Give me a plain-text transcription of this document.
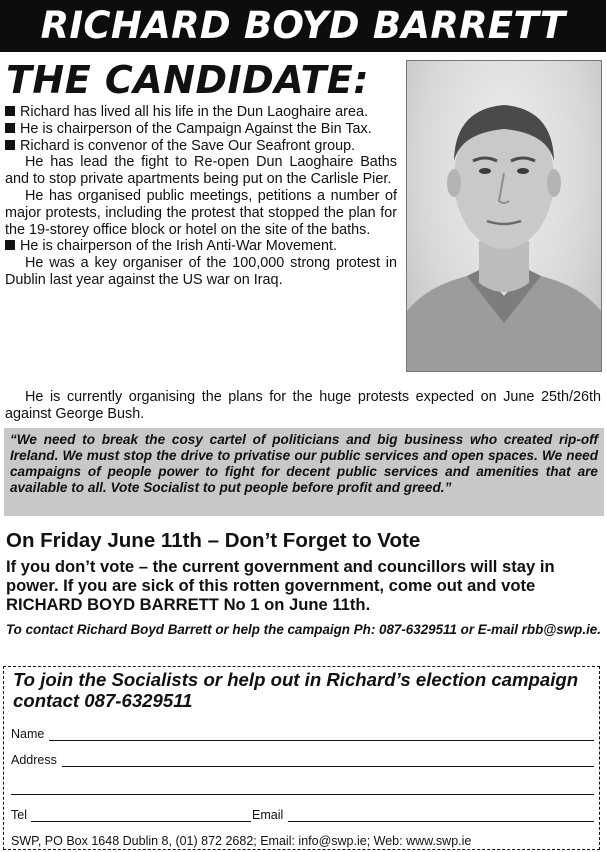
RICHARD BOYD BARRETT
THE CANDIDATE:

Richard has lived all his life in the Dun Laoghaire area.

He is chairperson of the Campaign Against the Bin Tax.

Richard is convenor of the Save Our Seafront group.

He has lead the fight to Re-open Dun Laoghaire Baths and to stop private apartments being put on the Carlisle Pier.

He has organised public meetings, petitions a number of major protests, including the protest that stopped the plan for the 19-storey office block or hotel on the site of the baths.

He is chairperson of the Irish Anti-War Movement.

He was a key organiser of the 100,000 strong protest in Dublin last year against the US war on Iraq.

He is currently organising the plans for the huge protests expected on June 25th/26th against George Bush.

“We need to break the cosy cartel of politicians and big business who created rip-off Ireland. We must stop the drive to privatise our public services and open spaces. We need campaigns of people power to fight for decent public services and amenities that are available to all. Vote Socialist to put people before profit and greed.”
On Friday June 11th – Don’t Forget to Vote
If you don’t vote – the current government and councillors will stay in power. If you are sick of this rotten government, come out and vote RICHARD BOYD BARRETT No 1 on June 11th.
To contact Richard Boyd Barrett or help the campaign Ph: 087-6329511 or E-mail rbb@swp.ie.
To join the Socialists or help out in Richard’s election campaign contact 087-6329511
Name
Address
Tel	Email
SWP, PO Box 1648 Dublin 8, (01) 872 2682; Email: info@swp.ie; Web: www.swp.ie
